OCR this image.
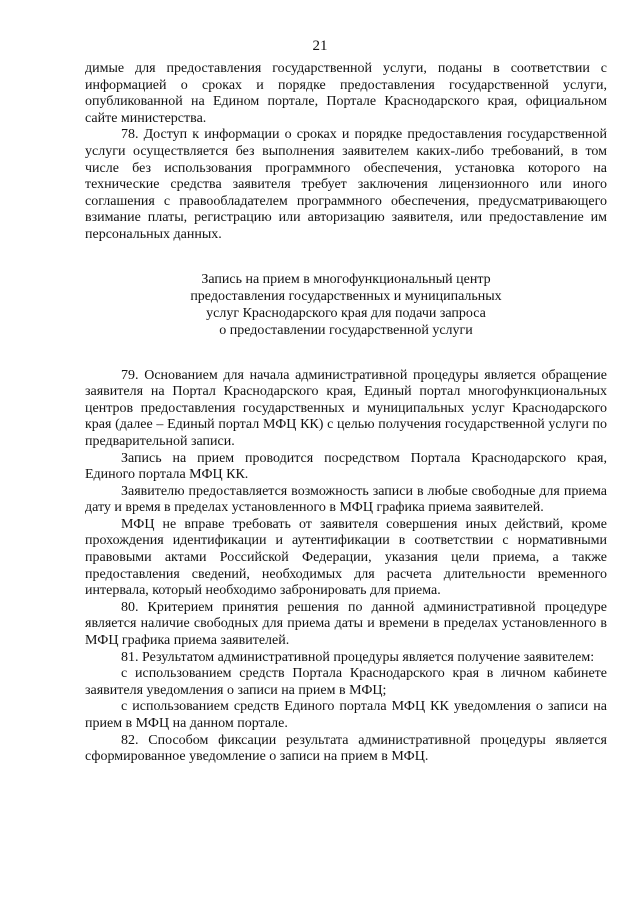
21

димые для предоставления государственной услуги, поданы в соответствии с информацией о сроках и порядке предоставления государственной услуги, опубликованной на Едином портале, Портале Краснодарского края, официальном сайте министерства.

78. Доступ к информации о сроках и порядке предоставления государственной услуги осуществляется без выполнения заявителем каких-либо требований, в том числе без использования программного обеспечения, установка которого на технические средства заявителя требует заключения лицензионного или иного соглашения с правообладателем программного обеспечения, предусматривающего взимание платы, регистрацию или авторизацию заявителя, или предоставление им персональных данных.

Запись на прием в многофункциональный центр
предоставления государственных и муниципальных
услуг Краснодарского края для подачи запроса
о предоставлении государственной услуги

79. Основанием для начала административной процедуры является обращение заявителя на Портал Краснодарского края, Единый портал многофункциональных центров предоставления государственных и муниципальных услуг Краснодарского края (далее – Единый портал МФЦ КК) с целью получения государственной услуги по предварительной записи.

Запись на прием проводится посредством Портала Краснодарского края, Единого портала МФЦ КК.

Заявителю предоставляется возможность записи в любые свободные для приема дату и время в пределах установленного в МФЦ графика приема заявителей.

МФЦ не вправе требовать от заявителя совершения иных действий, кроме прохождения идентификации и аутентификации в соответствии с нормативными правовыми актами Российской Федерации, указания цели приема, а также предоставления сведений, необходимых для расчета длительности временного интервала, который необходимо забронировать для приема.

80. Критерием принятия решения по данной административной процедуре является наличие свободных для приема даты и времени в пределах установленного в МФЦ графика приема заявителей.

81. Результатом административной процедуры является получение заявителем:

с использованием средств Портала Краснодарского края в личном кабинете заявителя уведомления о записи на прием в МФЦ;

с использованием средств Единого портала МФЦ КК уведомления о записи на прием в МФЦ на данном портале.

82. Способом фиксации результата административной процедуры является сформированное уведомление о записи на прием в МФЦ.
